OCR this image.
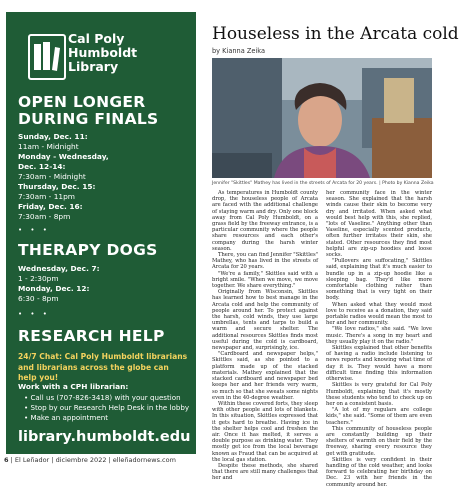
Cal Poly
Humboldt
Library
OPEN LONGER
DURING FINALS
Sunday, Dec. 11:
11am - Midnight
Monday - Wednesday,
Dec. 12-14:
7:30am - Midnight
Thursday, Dec. 15:
7:30am - 11pm
Friday, Dec. 16:
7:30am - 8pm
• • •
THERAPY DOGS
Wednesday, Dec. 7:
1 - 2:30pm
Monday, Dec. 12:
6:30 - 8pm
• • •
RESEARCH HELP
24/7 Chat: Cal Poly Humboldt librarians and librarians across the globe can help you!
Work with a CPH librarian:
• Call us (707-826-3418) with your question
• Stop by our Research Help Desk in the lobby
• Make an appointment
library.humboldt.edu
6 | El Leñador | diciembre 2022 | elleñadornews.com
Houseless in the Arcata cold
by Kianna Zeika
Jennifer "Skittles" Mathey has lived in the streets of Arcata for 20 years. | Photo by Kianna Zeika

As temperatures in Humboldt county drop, the houseless people of Arcata are faced with the additional challenge of staying warm and dry. Only one block away from Cal Poly Humboldt, on a grass field by the freeway entrance, is a particular community where the people share resources and each other's company during the harsh winter season.

There, you can find Jennifer "Skittles" Mathey, who has lived in the streets of Arcata for 20 years.

"We're a family," Skittles said with a bright smile. "When we move, we move together. We share everything."

Originally from Wisconsin, Skittles has learned how to best manage in the Arcata cold and help the community of people around her. To protect against the harsh, cold winds, they use large umbrellas, tents and tarps to build a warm and secure shelter. The additional resources Skittles finds most useful during the cold is cardboard, newspaper and, surprisingly, ice.

"Cardboard and newspaper helps," Skittles said, as she pointed to a platform made up of the stacked materials. Mathey explained that the stacked cardboard and newspaper bed keeps her and her friends very warm, so much so that she sweats some nights even in the 40-degree weather.

Within these covered forts, they sleep with other people and lots of blankets. In this situation, Skittles expressed that it gets hard to breathe. Having ice in the shelter helps cool and freshen the air. Once it has melted, it serves a double purpose as drinking water. They mostly get ice from the local beverage known as Fraud that can be acquired at the local gas station.

Despite these methods, she shared that there are still many challenges that her and

her community face in the winter season. She explained that the harsh winds cause their skin to become very dry and irritated. When asked what would best help with this, she replied, "lots of Vaseline." Anything other than Vaseline, especially scented products, often further irritates their skin, she stated. Other resources they find most helpful are zip-up hoodies and loose socks.

"Pullovers are suffocating," Skittles said, explaining that it's much easier to bundle up in a zip-up hoodie like a sleeping bag. They'd like more comfortable clothing rather than something that is very tight on their body.

When asked what they would most love to receive as a donation, they said portable radios would mean the most to her and her community.

"We love radios," she said. "We love music. There's a song in my heart and they usually play it on the radio."

Skittles explained that other benefits of having a radio include listening to news reports and knowing what time of day it is. They would have a more difficult time finding this information otherwise.

Skittles is very grateful for Cal Poly Humboldt, explaining that it's mostly these students who tend to check up on her on a consistent basis.

"A lot of my regulars are college kids," she said. "Some of them are even teachers."

This community of houseless people are constantly building up their shelters of warmth on their field by the freeway, sharing every resource they get with gratitude.

Skittles is very confident in their handling of the cold weather, and looks forward to celebrating her birthday on Dec. 23 with her friends in the community around her.
